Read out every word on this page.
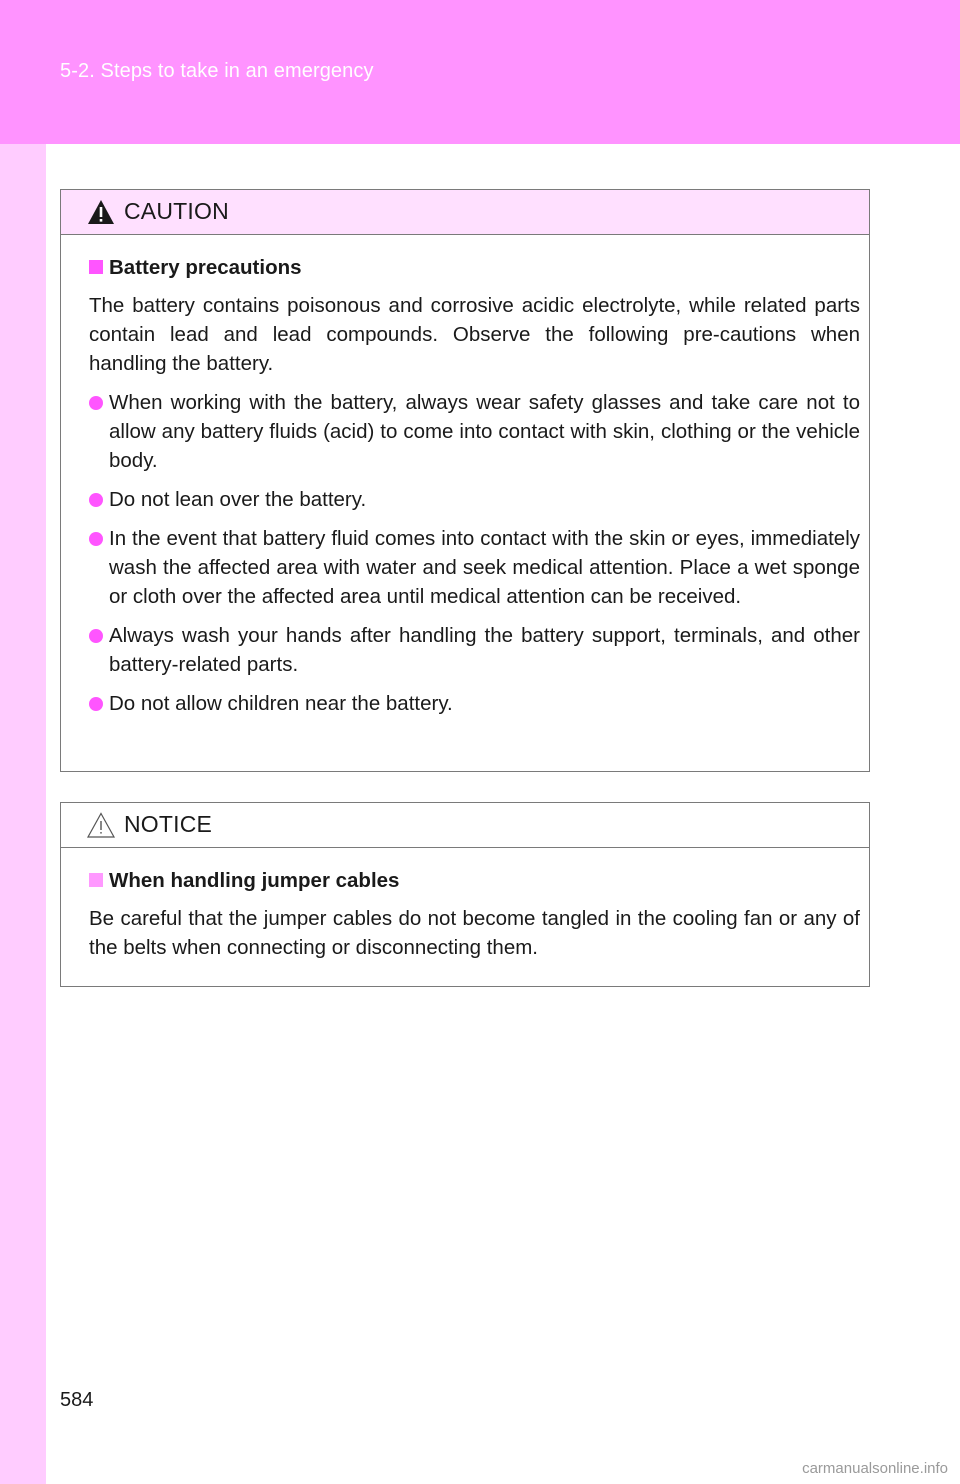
5-2. Steps to take in an emergency
CAUTION
Battery precautions
The battery contains poisonous and corrosive acidic electrolyte, while related parts contain lead and lead compounds. Observe the following pre-cautions when handling the battery.
When working with the battery, always wear safety glasses and take care not to allow any battery fluids (acid) to come into contact with skin, clothing or the vehicle body.
Do not lean over the battery.
In the event that battery fluid comes into contact with the skin or eyes, immediately wash the affected area with water and seek medical attention. Place a wet sponge or cloth over the affected area until medical attention can be received.
Always wash your hands after handling the battery support, terminals, and other battery-related parts.
Do not allow children near the battery.
NOTICE
When handling jumper cables
Be careful that the jumper cables do not become tangled in the cooling fan or any of the belts when connecting or disconnecting them.
584
carmanualsonline.info
